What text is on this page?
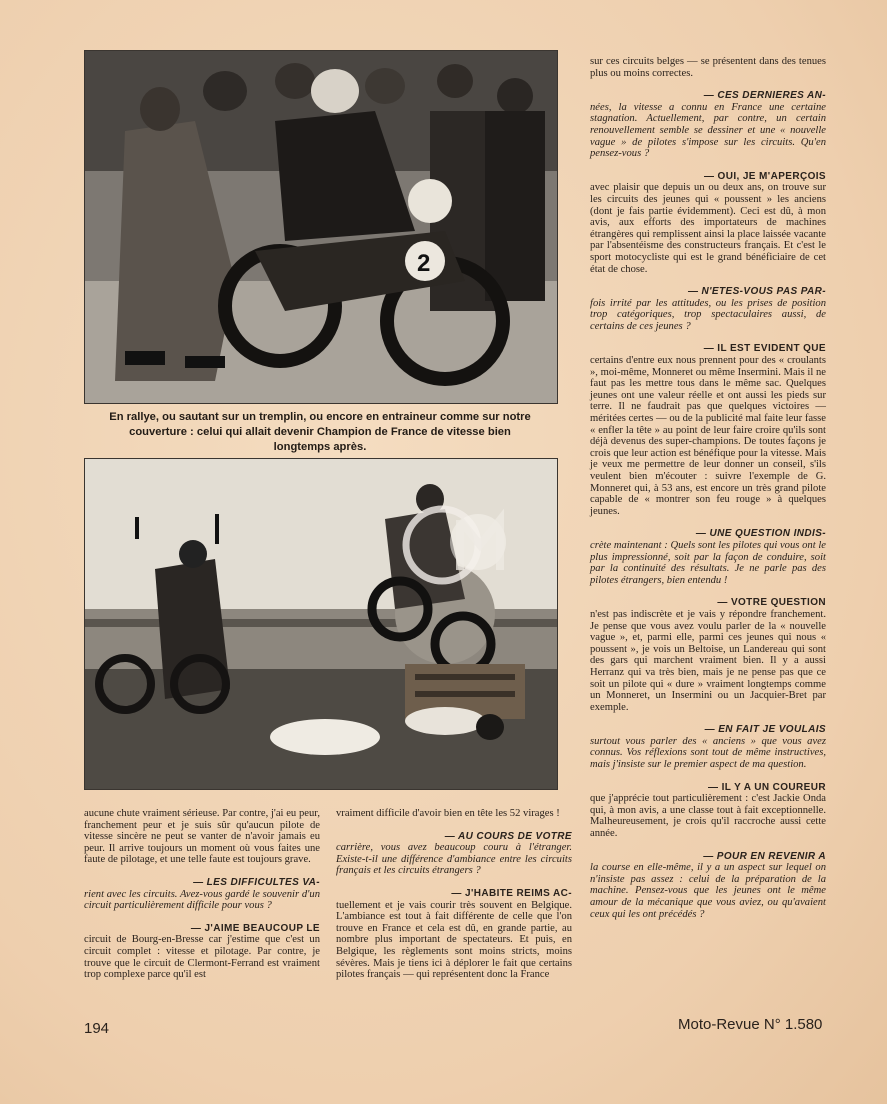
2
En rallye, ou sautant sur un tremplin, ou encore en entraineur comme sur notre couverture : celui qui allait devenir Champion de France de vitesse bien longtemps après.

sur ces circuits belges — se présentent dans des tenues plus ou moins correctes.

— CES DERNIERES AN-
nées, la vitesse a connu en France une certaine stagnation. Actuellement, par contre, un certain renouvellement semble se dessiner et une « nouvelle vague » de pilotes s'impose sur les circuits. Qu'en pensez-vous ?

— OUI, JE M'APERÇOIS
avec plaisir que depuis un ou deux ans, on trouve sur les circuits des jeunes qui « poussent » les anciens (dont je fais partie évidemment). Ceci est dû, à mon avis, aux efforts des importateurs de machines étrangères qui remplissent ainsi la place laissée vacante par l'absentéisme des constructeurs français. Et c'est le sport motocycliste qui est le grand bénéficiaire de cet état de chose.

— N'ETES-VOUS PAS PAR-
fois irrité par les attitudes, ou les prises de position trop catégoriques, trop spectaculaires aussi, de certains de ces jeunes ?

— IL EST EVIDENT QUE
certains d'entre eux nous prennent pour des « croulants », moi-même, Monneret ou même Insermini. Mais il ne faut pas les mettre tous dans le même sac. Quelques jeunes ont une valeur réelle et ont aussi les pieds sur terre. Il ne faudrait pas que quelques victoires — méritées certes — ou de la publicité mal faite leur fasse « enfler la tête » au point de leur faire croire qu'ils sont déjà devenus des super-champions. De toutes façons je crois que leur action est bénéfique pour la vitesse. Mais je veux me permettre de leur donner un conseil, s'ils veulent bien m'écouter : suivre l'exemple de G. Monneret qui, à 53 ans, est encore un très grand pilote capable de « montrer son feu rouge » à quelques jeunes.

— UNE QUESTION INDIS-
crète maintenant : Quels sont les pilotes qui vous ont le plus impressionné, soit par la façon de conduire, soit par la continuité des résultats. Je ne parle pas des pilotes étrangers, bien entendu !

— VOTRE QUESTION
n'est pas indiscrète et je vais y répondre franchement. Je pense que vous avez voulu parler de la « nouvelle vague », et, parmi elle, parmi ces jeunes qui nous « poussent », je vois un Beltoise, un Landereau qui sont des gars qui marchent vraiment bien. Il y a aussi Herranz qui va très bien, mais je ne pense pas que ce soit un pilote qui « dure » vraiment longtemps comme un Monneret, un Insermini ou un Jacquier-Bret par exemple.

— EN FAIT JE VOULAIS
surtout vous parler des « anciens » que vous avez connus. Vos réflexions sont tout de même instructives, mais j'insiste sur le premier aspect de ma question.

— IL Y A UN COUREUR
que j'apprécie tout particulièrement : c'est Jackie Onda qui, à mon avis, a une classe tout à fait exceptionnelle. Malheureusement, je crois qu'il raccroche aussi cette année.

— POUR EN REVENIR A
la course en elle-même, il y a un aspect sur lequel on n'insiste pas assez : celui de la préparation de la machine. Pensez-vous que les jeunes ont le même amour de la mécanique que vous aviez, ou qu'avaient ceux qui les ont précédés ?

aucune chute vraiment sérieuse. Par contre, j'ai eu peur, franchement peur et je suis sûr qu'aucun pilote de vitesse sincère ne peut se vanter de n'avoir jamais eu peur. Il arrive toujours un moment où vous faites une faute de pilotage, et une telle faute est toujours grave.

— LES DIFFICULTES VA-
rient avec les circuits. Avez-vous gardé le souvenir d'un circuit particulièrement difficile pour vous ?

— J'AIME BEAUCOUP LE
circuit de Bourg-en-Bresse car j'estime que c'est un circuit complet : vitesse et pilotage. Par contre, je trouve que le circuit de Clermont-Ferrand est vraiment trop complexe parce qu'il est

vraiment difficile d'avoir bien en tête les 52 virages !

— AU COURS DE VOTRE
carrière, vous avez beaucoup couru à l'étranger. Existe-t-il une différence d'ambiance entre les circuits français et les circuits étrangers ?

— J'HABITE REIMS AC-
tuellement et je vais courir très souvent en Belgique. L'ambiance est tout à fait différente de celle que l'on trouve en France et cela est dû, en grande partie, au nombre plus important de spectateurs. Et puis, en Belgique, les règlements sont moins stricts, moins sévères. Mais je tiens ici à déplorer le fait que certains pilotes français — qui représentent donc la France

194	Moto-Revue N° 1.580
